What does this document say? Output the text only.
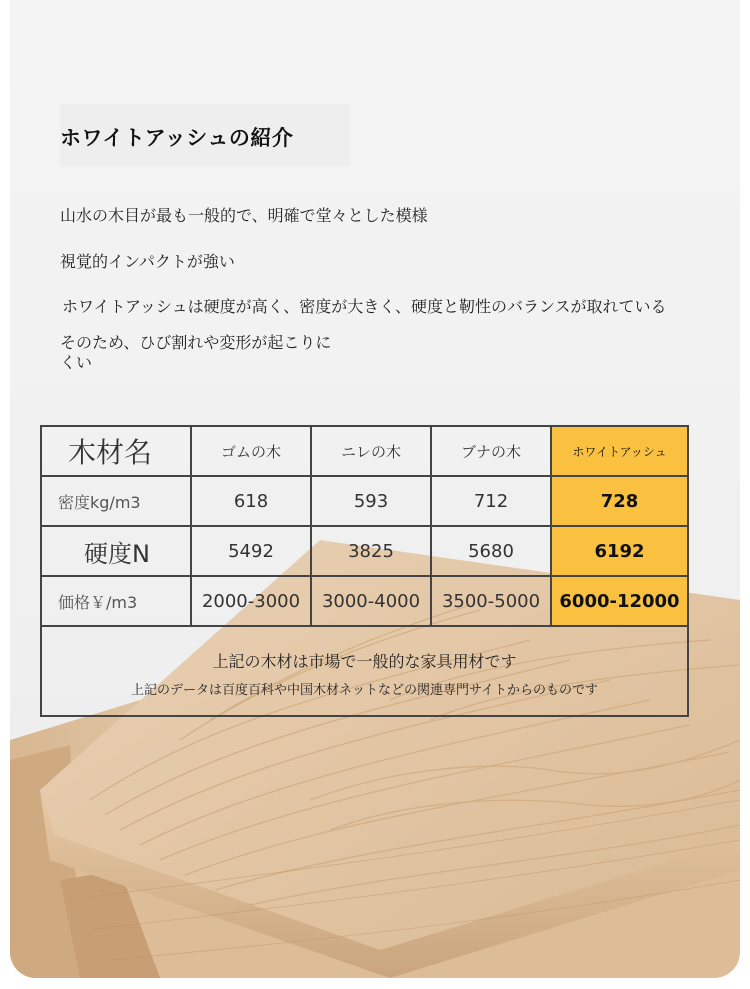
ホワイトアッシュの紹介
山水の木目が最も一般的で、明確で堂々とした模様
視覚的インパクトが強い
ホワイトアッシュは硬度が高く、密度が大きく、硬度と靭性のバランスが取れている
そのため、ひび割れや変形が起こりにくい
木材名	ゴムの木	ニレの木	ブナの木	ホワイトアッシュ
密度kg/m3	618	593	712	728
硬度N	5492	3825	5680	6192
価格￥/m3	2000-3000	3000-4000	3500-5000	6000-12000
上記の木材は市場で一般的な家具用材です
上記のデータは百度百科や中国木材ネットなどの関連専門サイトからのものです
